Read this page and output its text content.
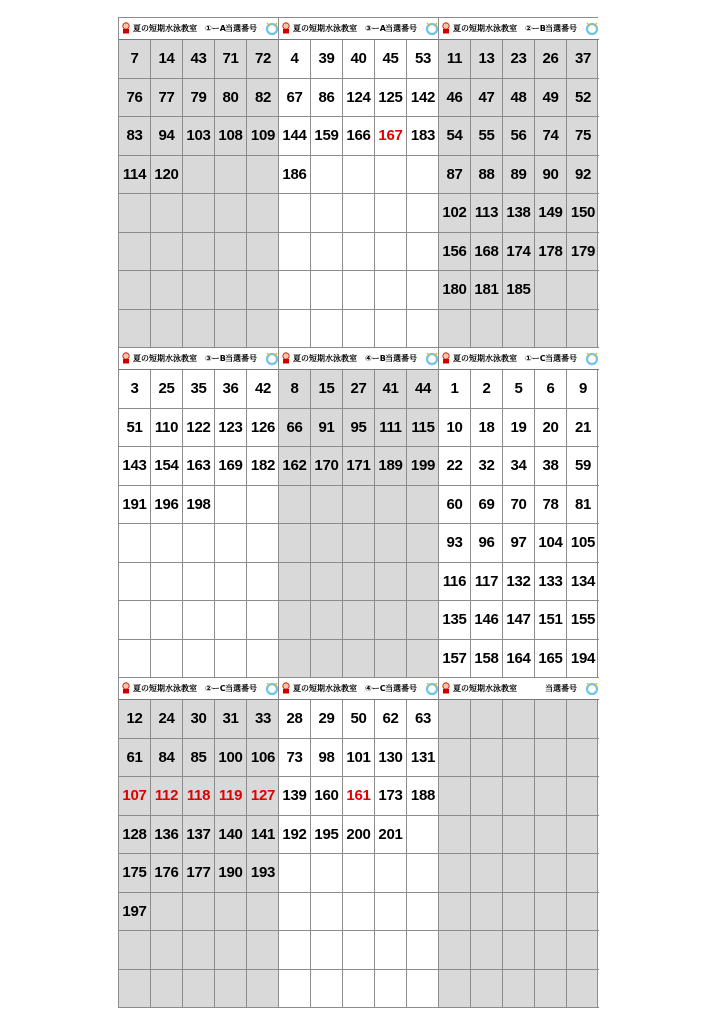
夏の短期水泳教室　①ーA 当選番号
7	14	43	71	72
76	77	79	80	82
83	94 103 108 109
114 120
夏の短期水泳教室　③ーA 当選番号
4	39	40	45	53
67	86 124 125 142
144 159 166 167 183
186
夏の短期水泳教室　②ーB 当選番号
11	13	23	26	37
46	47	48	49	52
54	55	56	74	75
87	88	89	90	92
102 113 138 149 150
156 168 174 178 179
180 181 185
夏の短期水泳教室　③ーB 当選番号
3	25	35	36	42
51 110 122 123 126
143 154 163 169 182
191 196 198
夏の短期水泳教室　④ーB 当選番号
8	15	27	41	44
66	91	95 111 115
162 170 171 189 199
夏の短期水泳教室　①ーC 当選番号
1	2	5	6	9
10	18	19	20	21
22	32	34	38	59
60	69	70	78	81
93	96	97 104 105
116 117 132 133 134
135 146 147 151 155
157 158 164 165 194
夏の短期水泳教室　②ーC 当選番号
12	24	30	31	33
61	84	85 100 106
107 112 118 119 127
128 136 137 140 141
175 176 177 190 193
197
夏の短期水泳教室　④ーC 当選番号
28	29	50	62	63
73	98 101 130 131
139 160 161 173 188
192 195 200 201
夏の短期水泳教室	当選番号
